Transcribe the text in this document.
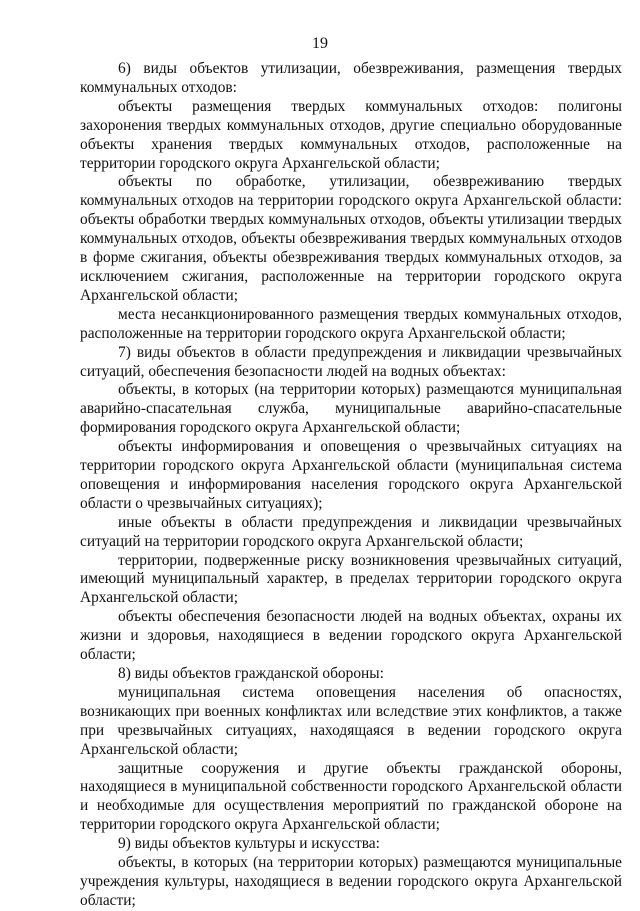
19

6) виды объектов утилизации, обезвреживания, размещения твердых коммунальных отходов:

объекты размещения твердых коммунальных отходов: полигоны захоронения твердых коммунальных отходов, другие специально оборудованные объекты хранения твердых коммунальных отходов, расположенные на территории городского округа Архангельской области;

объекты по обработке, утилизации, обезвреживанию твердых коммунальных отходов на территории городского округа Архангельской области: объекты обработки твердых коммунальных отходов, объекты утилизации твердых коммунальных отходов, объекты обезвреживания твердых коммунальных отходов в форме сжигания, объекты обезвреживания твердых коммунальных отходов, за исключением сжигания, расположенные на территории городского округа Архангельской области;

места несанкционированного размещения твердых коммунальных отходов, расположенные на территории городского округа Архангельской области;

7) виды объектов в области предупреждения и ликвидации чрезвычайных ситуаций, обеспечения безопасности людей на водных объектах:

объекты, в которых (на территории которых) размещаются муниципальная аварийно-спасательная служба, муниципальные аварийно-спасательные формирования городского округа Архангельской области;

объекты информирования и оповещения о чрезвычайных ситуациях на территории городского округа Архангельской области (муниципальная система оповещения и информирования населения городского округа Архангельской области о чрезвычайных ситуациях);

иные объекты в области предупреждения и ликвидации чрезвычайных ситуаций на территории городского округа Архангельской области;

территории, подверженные риску возникновения чрезвычайных ситуаций, имеющий муниципальный характер, в пределах территории городского округа Архангельской области;

объекты обеспечения безопасности людей на водных объектах, охраны их жизни и здоровья, находящиеся в ведении городского округа Архангельской области;

8) виды объектов гражданской обороны:

муниципальная система оповещения населения об опасностях, возникающих при военных конфликтах или вследствие этих конфликтов, а также при чрезвычайных ситуациях, находящаяся в ведении городского округа Архангельской области;

защитные сооружения и другие объекты гражданской обороны, находящиеся в муниципальной собственности городского Архангельской области и необходимые для осуществления мероприятий по гражданской обороне на территории городского округа Архангельской области;

9) виды объектов культуры и искусства:

объекты, в которых (на территории которых) размещаются муниципальные учреждения культуры, находящиеся в ведении городского округа Архангельской области;
